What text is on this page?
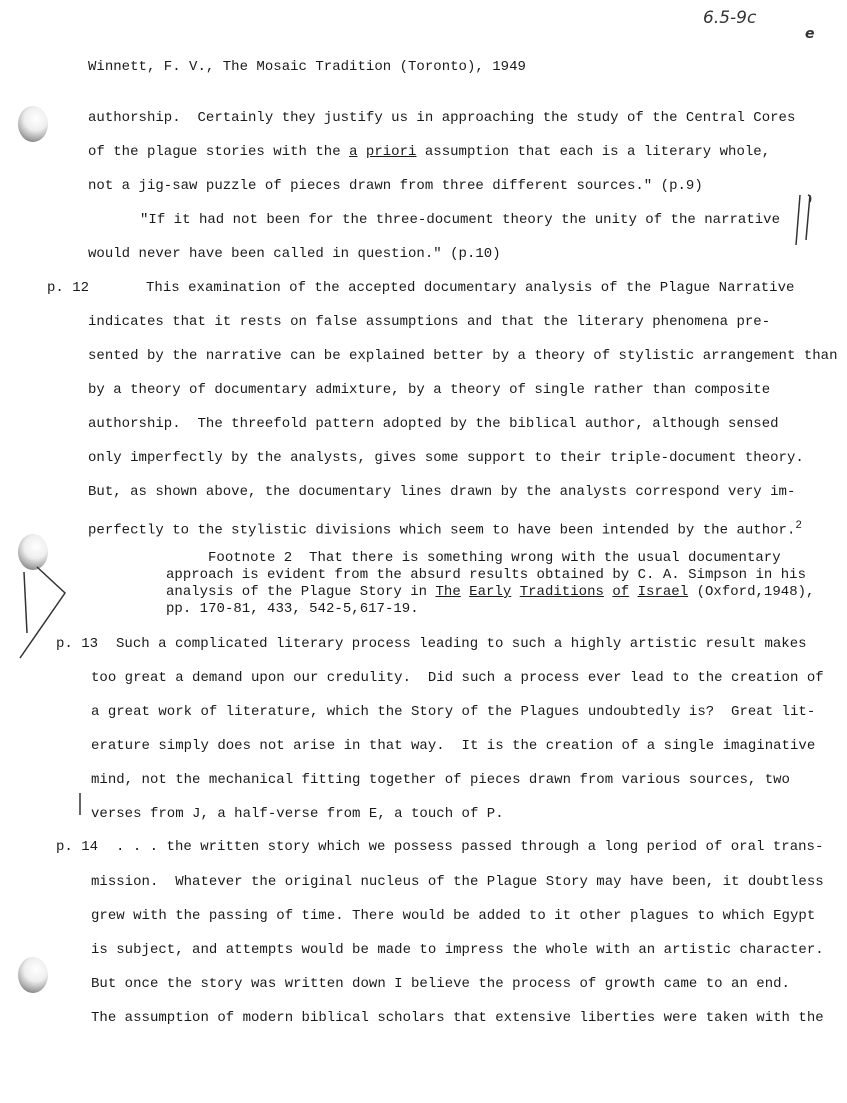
6.5-9c
e
Winnett, F. V., The Mosaic Tradition (Toronto), 1949
authorship.  Certainly they justify us in approaching the study of the Central Cores
of the plague stories with the a priori assumption that each is a literary whole,
not a jig-saw puzzle of pieces drawn from three different sources." (p.9)
"If it had not been for the three-document theory the unity of the narrative
would never have been called in question." (p.10)
p. 12	This examination of the accepted documentary analysis of the Plague Narrative
indicates that it rests on false assumptions and that the literary phenomena pre-
sented by the narrative can be explained better by a theory of stylistic arrangement than
by a theory of documentary admixture, by a theory of single rather than composite
authorship.  The threefold pattern adopted by the biblical author, although sensed
only imperfectly by the analysts, gives some support to their triple-document theory.
But, as shown above, the documentary lines drawn by the analysts correspond very im-
perfectly to the stylistic divisions which seem to have been intended by the author.$^2$
Footnote 2  That there is something wrong with the usual documentary
approach is evident from the absurd results obtained by C. A. Simpson in his
analysis of the Plague Story in The Early Traditions of Israel (Oxford,1948),
pp. 170-81, 433, 542-5,617-19.
p. 13 Such a complicated literary process leading to such a highly artistic result makes
too great a demand upon our credulity.  Did such a process ever lead to the creation of
a great work of literature, which the Story of the Plagues undoubtedly is?  Great lit-
erature simply does not arise in that way.  It is the creation of a single imaginative
mind, not the mechanical fitting together of pieces drawn from various sources, two
verses from J, a half-verse from E, a touch of P.
p. 14 . . . the written story which we possess passed through a long period of oral trans-
mission.  Whatever the original nucleus of the Plague Story may have been, it doubtless
grew with the passing of time. There would be added to it other plagues to which Egypt
is subject, and attempts would be made to impress the whole with an artistic character.
But once the story was written down I believe the process of growth came to an end.
The assumption of modern biblical scholars that extensive liberties were taken with the
